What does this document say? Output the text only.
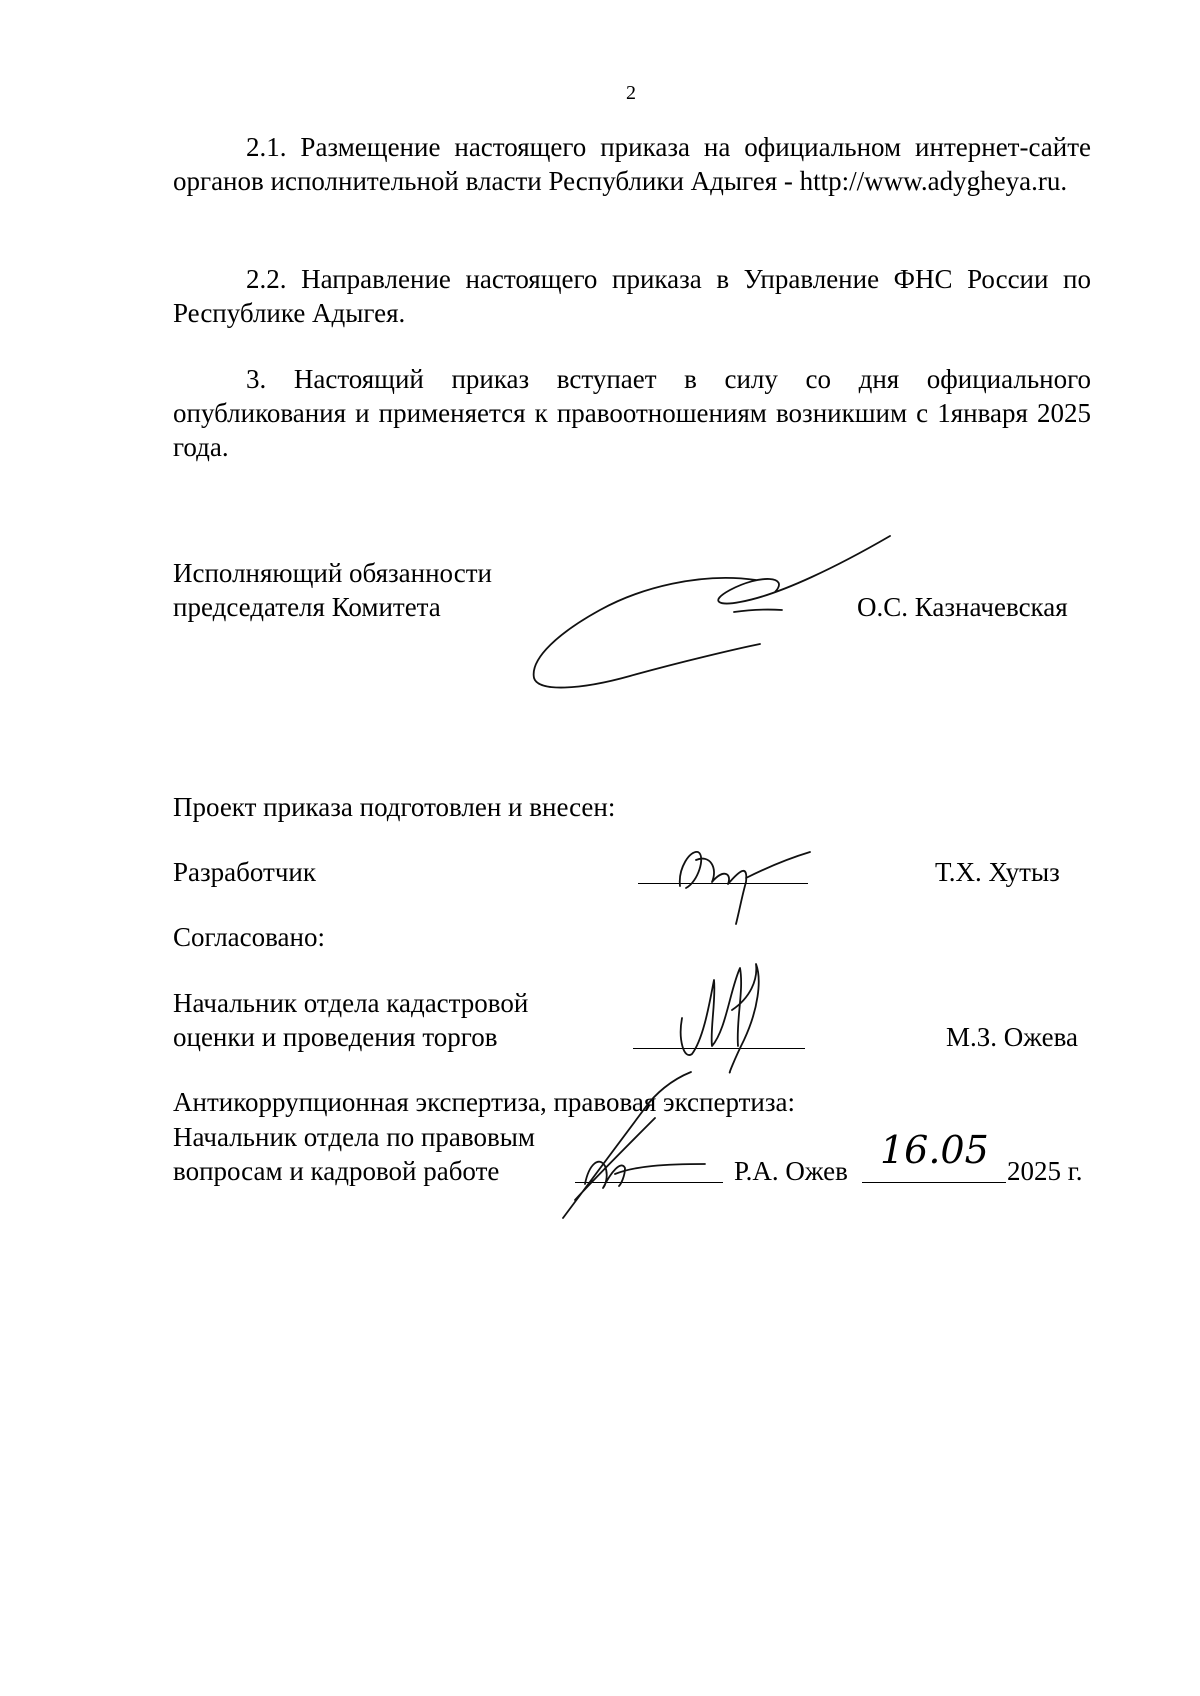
2
2.1. Размещение настоящего приказа на официальном интернет-сайте органов исполнительной власти Республики Адыгея - http://www.adygheya.ru.
2.2. Направление настоящего приказа в Управление ФНС России по Республике Адыгея.
3. Настоящий приказ вступает в силу со дня официального опубликования и применяется к правоотношениям возникшим с 1января 2025 года.
Исполняющий обязанности
председателя Комитета	О.С. Казначевская
Проект приказа подготовлен и внесен:
Разработчик	Т.Х. Хутыз
Согласовано:
Начальник отдела кадастровой
оценки и проведения торгов	М.З. Ожева
Антикоррупционная экспертиза, правовая экспертиза:
Начальник отдела по правовым
вопросам и кадровой работе	Р.А. Ожев 16.05 2025 г.
